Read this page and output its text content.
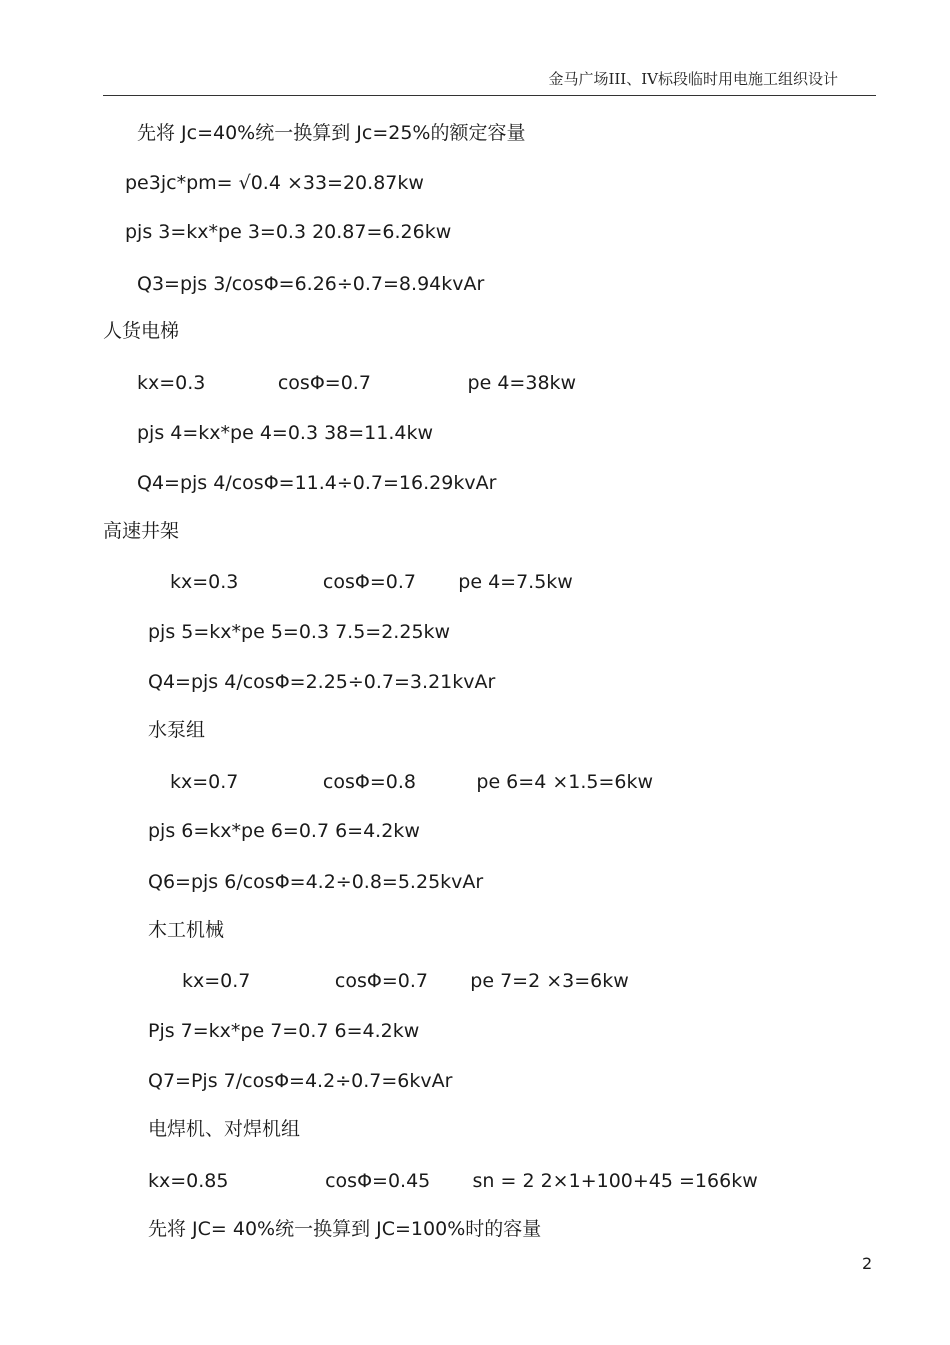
金马广场III、IV标段临时用电施工组织设计
先将 Jc=40%统一换算到 Jc=25%的额定容量
pe3jc*pm= √0.4 ×33=20.87kw
pjs 3=kx*pe 3=0.3 20.87=6.26kw
Q3=pjs 3/cosΦ=6.26÷0.7=8.94kvAr
人货电梯
kx=0.3            cosΦ=0.7                pe 4=38kw
pjs 4=kx*pe 4=0.3 38=11.4kw
Q4=pjs 4/cosΦ=11.4÷0.7=16.29kvAr
高速井架
kx=0.3              cosΦ=0.7       pe 4=7.5kw
pjs 5=kx*pe 5=0.3 7.5=2.25kw
Q4=pjs 4/cosΦ=2.25÷0.7=3.21kvAr
水泵组
kx=0.7              cosΦ=0.8          pe 6=4 ×1.5=6kw
pjs 6=kx*pe 6=0.7 6=4.2kw
Q6=pjs 6/cosΦ=4.2÷0.8=5.25kvAr
木工机械
kx=0.7              cosΦ=0.7       pe 7=2 ×3=6kw
Pjs 7=kx*pe 7=0.7 6=4.2kw
Q7=Pjs 7/cosΦ=4.2÷0.7=6kvAr
电焊机、对焊机组
kx=0.85                cosΦ=0.45       sn = 2 2×1+100+45 =166kw
先将 JC= 40%统一换算到 JC=100%时的容量
2
